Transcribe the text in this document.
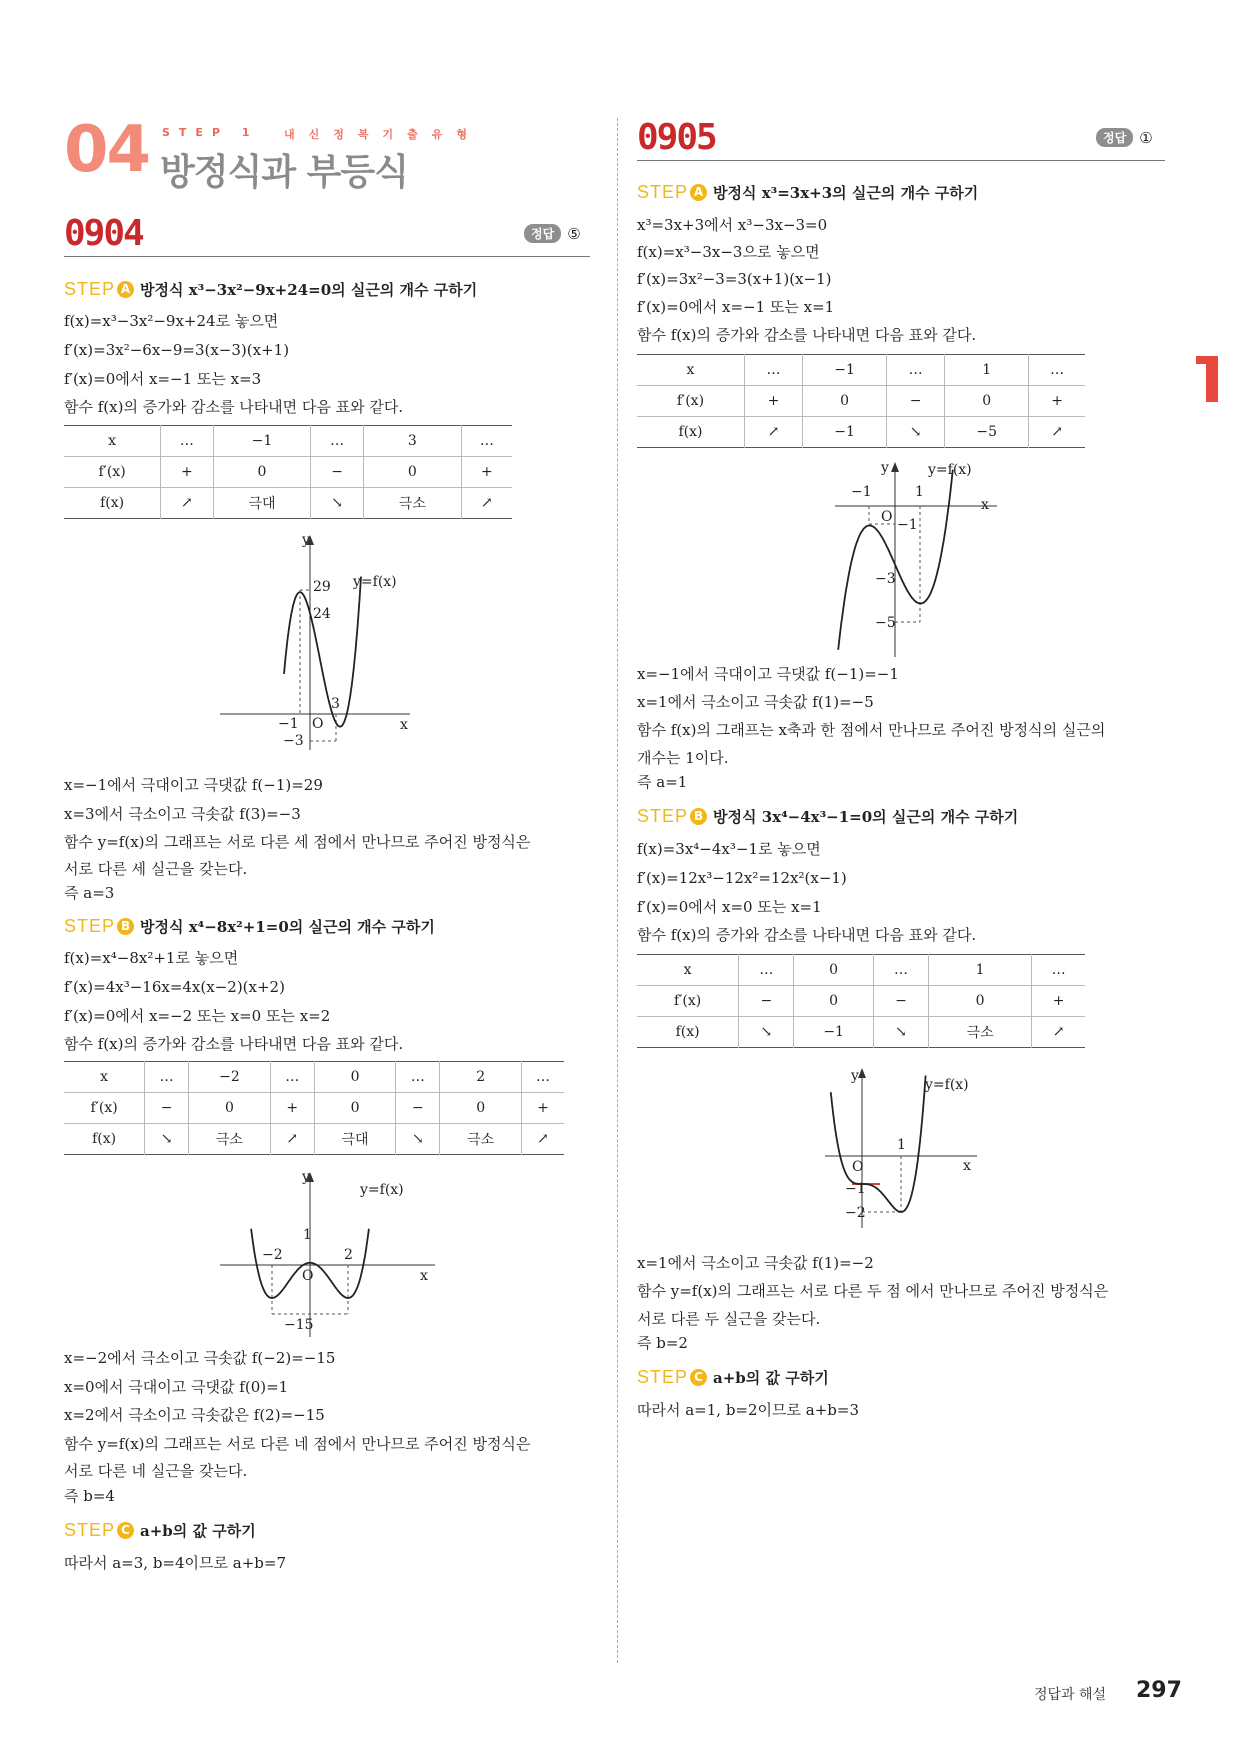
04 STEP 1 내신정복기출유형
방정식과 부등식
0904	정답 ⑤
STEP A 방정식 x³−3x²−9x+24=0의 실근의 개수 구하기
f(x)=x³−3x²−9x+24로 놓으면
f′(x)=3x²−6x−9=3(x−3)(x+1)
f′(x)=0에서 x=−1 또는 x=3
함수 f(x)의 증가와 감소를 나타내면 다음 표와 같다.
x	…	−1	…	3	…
f′(x)	+	0	−	0	+
f(x)	↗	극대	↘	극소	↗
y
x
y=f(x)
29
24
3
−1 O
−3
x=−1에서 극대이고 극댓값 f(−1)=29
x=3에서 극소이고 극솟값 f(3)=−3
함수 y=f(x)의 그래프는 서로 다른 세 점에서 만나므로 주어진 방정식은
서로 다른 세 실근을 갖는다.
즉 a=3
STEP B 방정식 x⁴−8x²+1=0의 실근의 개수 구하기
f(x)=x⁴−8x²+1로 놓으면
f′(x)=4x³−16x=4x(x−2)(x+2)
f′(x)=0에서 x=−2 또는 x=0 또는 x=2
함수 f(x)의 증가와 감소를 나타내면 다음 표와 같다.
x	…	−2	…	0	…	2	…
f′(x)	−	0	+	0	−	0	+
f(x)	↘	극소	↗	극대	↘	극소	↗
y
x
y=f(x)
1
−2	2
O
−15
x=−2에서 극소이고 극솟값 f(−2)=−15
x=0에서 극대이고 극댓값 f(0)=1
x=2에서 극소이고 극솟값은 f(2)=−15
함수 y=f(x)의 그래프는 서로 다른 네 점에서 만나므로 주어진 방정식은
서로 다른 네 실근을 갖는다.
즉 b=4
STEP C a+b의 값 구하기
따라서 a=3, b=4이므로 a+b=7
0905	정답 ①
STEP A 방정식 x³=3x+3의 실근의 개수 구하기
x³=3x+3에서 x³−3x−3=0
f(x)=x³−3x−3으로 놓으면
f′(x)=3x²−3=3(x+1)(x−1)
f′(x)=0에서 x=−1 또는 x=1
함수 f(x)의 증가와 감소를 나타내면 다음 표와 같다.
x	…	−1	…	1	…
f′(x)	+	0	−	0	+
f(x)	↗	−1	↘	−5	↗
y
x
y=f(x)
−1	1
O −1
−3
−5
x=−1에서 극대이고 극댓값 f(−1)=−1
x=1에서 극소이고 극솟값 f(1)=−5
함수 f(x)의 그래프는 x축과 한 점에서 만나므로 주어진 방정식의 실근의
개수는 1이다.
즉 a=1
STEP B 방정식 3x⁴−4x³−1=0의 실근의 개수 구하기
f(x)=3x⁴−4x³−1로 놓으면
f′(x)=12x³−12x²=12x²(x−1)
f′(x)=0에서 x=0 또는 x=1
함수 f(x)의 증가와 감소를 나타내면 다음 표와 같다.
x	…	0	…	1	…
f′(x)	−	0	−	0	+
f(x)	↘	−1	↘	극소	↗
y
x
y=f(x)
1
O
−1
−2
x=1에서 극소이고 극솟값 f(1)=−2
함수 y=f(x)의 그래프는 서로 다른 두 점 에서 만나므로 주어진 방정식은
서로 다른 두 실근을 갖는다.
즉 b=2
STEP C a+b의 값 구하기
따라서 a=1, b=2이므로 a+b=3
정답과 해설 297
